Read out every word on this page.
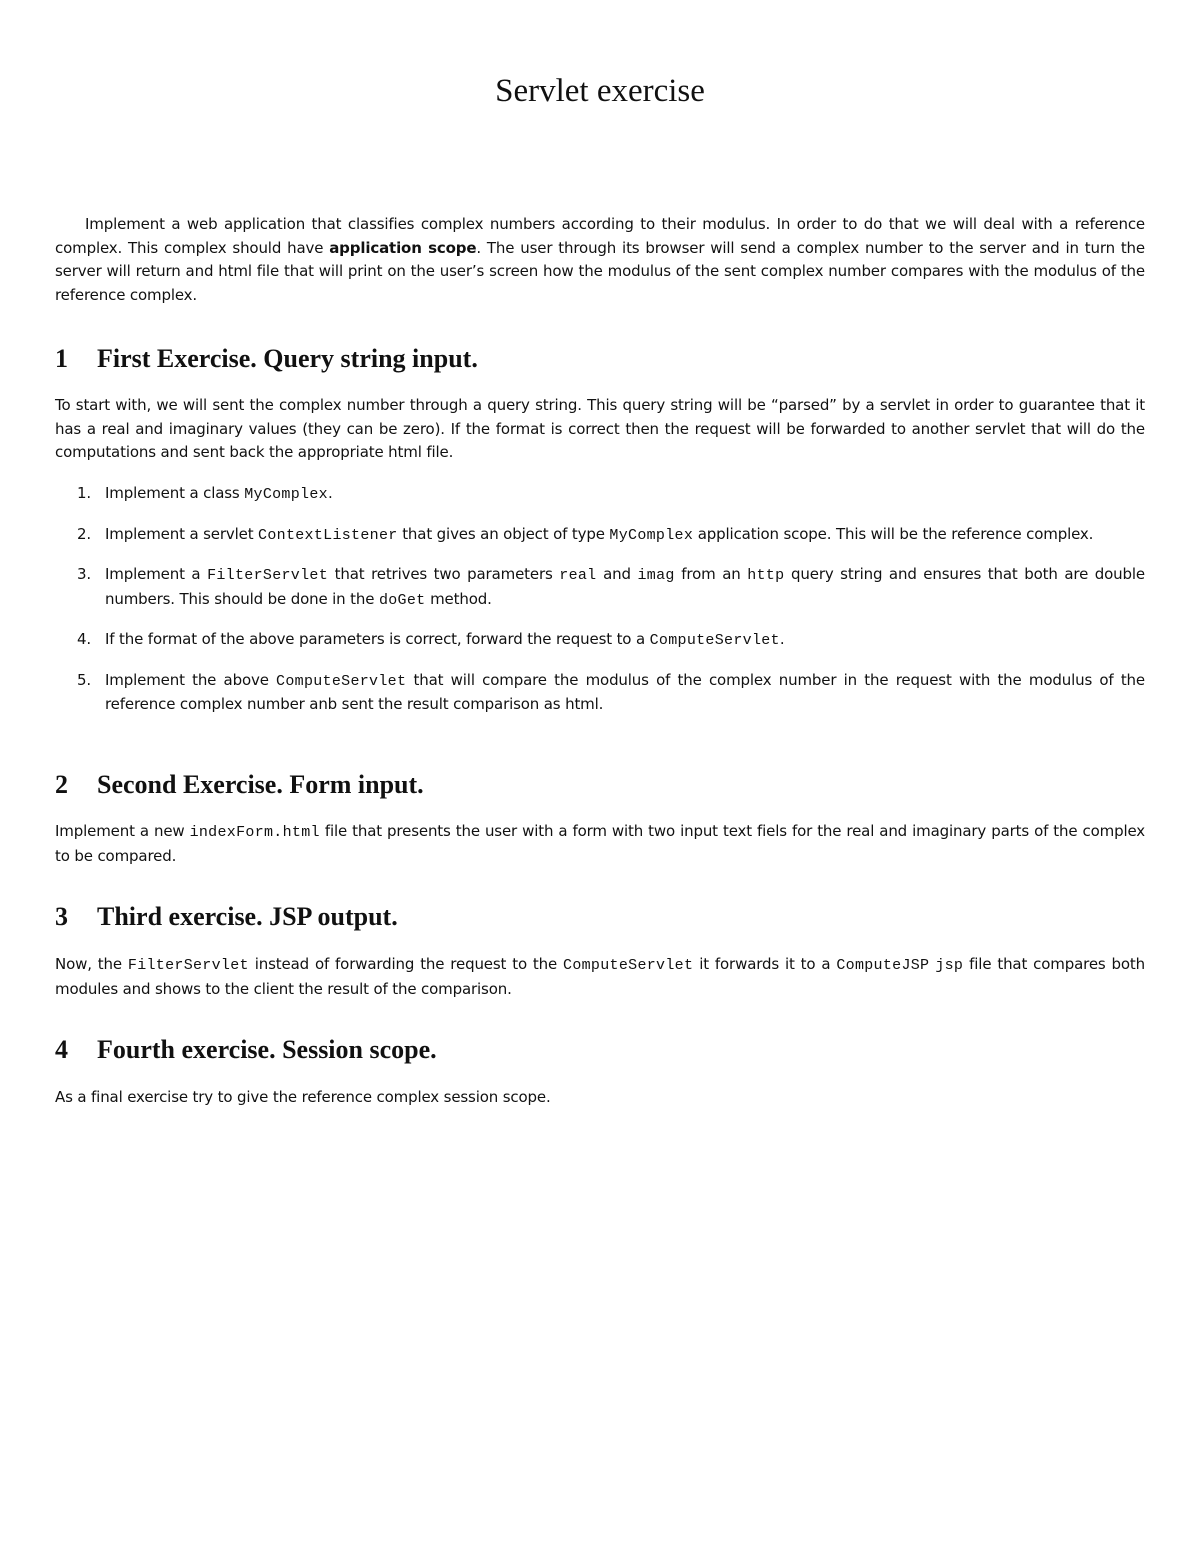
Servlet exercise

Implement a web application that classifies complex numbers according to their modulus. In order to do that we will deal with a reference complex. This complex should have application scope. The user through its browser will send a complex number to the server and in turn the server will return and html file that will print on the user’s screen how the modulus of the sent complex number compares with the modulus of the reference complex.

1 First Exercise. Query string input.

To start with, we will sent the complex number through a query string. This query string will be “parsed” by a servlet in order to guarantee that it has a real and imaginary values (they can be zero). If the format is correct then the request will be forwarded to another servlet that will do the computations and sent back the appropriate html file.

1. Implement a class MyComplex.
2. Implement a servlet ContextListener that gives an object of type MyComplex application scope. This will be the reference complex.
3. Implement a FilterServlet that retrives two parameters real and imag from an http query string and ensures that both are double numbers. This should be done in the doGet method.
4. If the format of the above parameters is correct, forward the request to a ComputeServlet.
5. Implement the above ComputeServlet that will compare the modulus of the complex number in the request with the modulus of the reference complex number anb sent the result comparison as html.
2 Second Exercise. Form input.

Implement a new indexForm.html file that presents the user with a form with two input text fiels for the real and imaginary parts of the complex to be compared.

3 Third exercise. JSP output.

Now, the FilterServlet instead of forwarding the request to the ComputeServlet it forwards it to a ComputeJSP jsp file that compares both modules and shows to the client the result of the comparison.

4 Fourth exercise. Session scope.

As a final exercise try to give the reference complex session scope.
